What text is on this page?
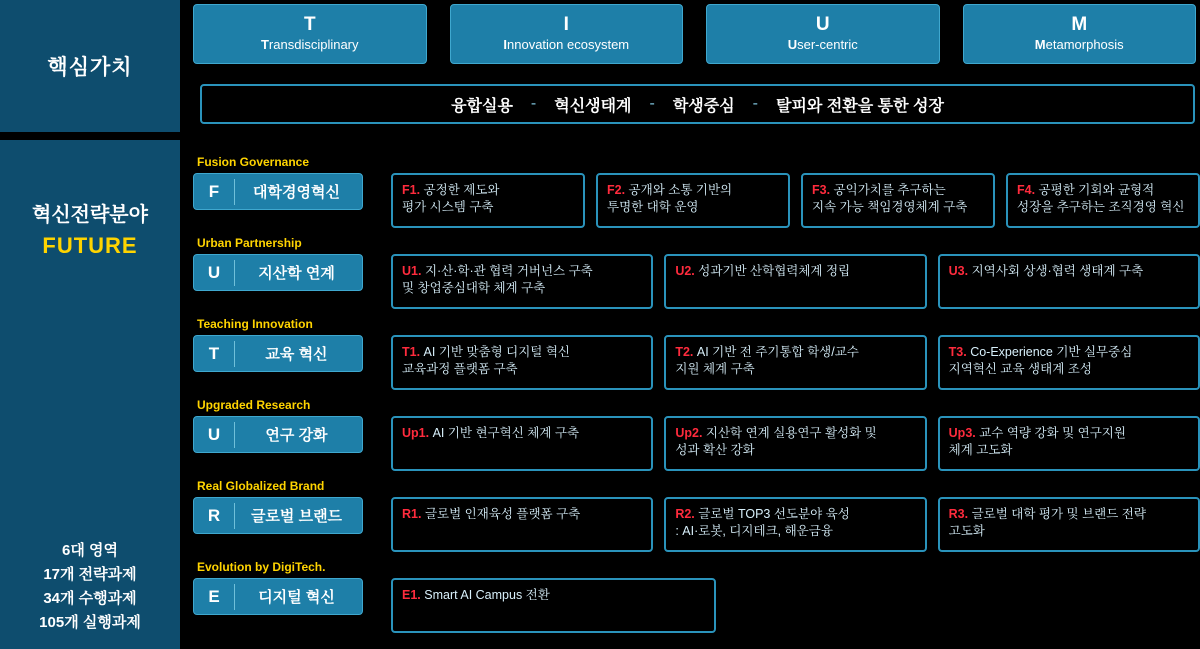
핵심가치
혁신전략분야
FUTURE
6대 영역
17개 전략과제
34개 수행과제
105개 실행과제
T
Transdisciplinary
I
Innovation ecosystem
U
User-centric
M
Metamorphosis
융합실용 - 혁신생태계 - 학생중심 - 탈피와 전환을 통한 성장
Fusion Governance
F	대학경영혁신	F1. 공정한 제도와
평가 시스템 구축
F2. 공개와 소통 기반의
투명한 대학 운영
F3. 공익가치를 추구하는
지속 가능 책임경영체계 구축
F4. 공평한 기회와 균형적
성장을 추구하는 조직경영 혁신
Urban Partnership
U	지산학 연계	U1. 지·산·학·관 협력 거버넌스 구축
및 창업중심대학 체계 구축
U2. 성과기반 산학협력체계 정립	U3. 지역사회 상생·협력 생태계 구축
Teaching Innovation
T	교육 혁신	T1. AI 기반 맞춤형 디지털 혁신
교육과정 플랫폼 구축
T2. AI 기반 전 주기통합 학생/교수
지원 체계 구축
T3. Co-Experience 기반 실무중심
지역혁신 교육 생태계 조성
Upgraded Research
U	연구 강화	Up1. AI 기반 현구혁신 체계 구축	Up2. 지산학 연계 실용연구 활성화 및
성과 확산 강화
Up3. 교수 역량 강화 및 연구지원
체계 고도화
Real Globalized Brand
R	글로벌 브랜드	R1. 글로벌 인재육성 플랫폼 구축	R2. 글로벌 TOP3 선도분야 육성
: AI·로봇, 디지테크, 해운금융
R3. 글로벌 대학 평가 및 브랜드 전략
고도화
Evolution by DigiTech.
E	디지털 혁신	E1. Smart AI Campus 전환
